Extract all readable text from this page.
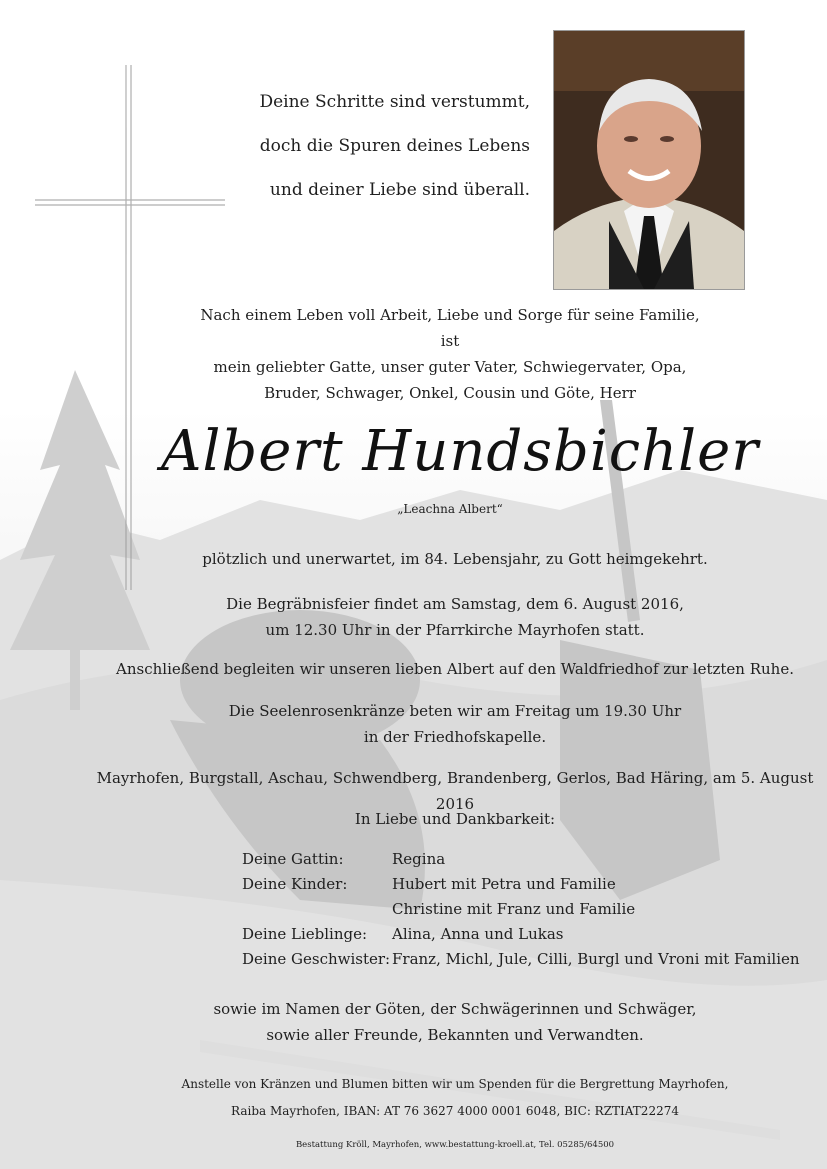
Deine Schritte sind verstummt,
doch die Spuren deines Lebens
und deiner Liebe sind überall.
Nach einem Leben voll Arbeit, Liebe und Sorge für seine Familie, ist
mein geliebter Gatte, unser guter Vater, Schwiegervater, Opa,
Bruder, Schwager, Onkel, Cousin und Göte, Herr
Albert Hundsbichler
„Leachna Albert“
plötzlich und unerwartet, im 84. Lebensjahr, zu Gott heimgekehrt.
Die Begräbnisfeier findet am Samstag, dem 6. August 2016,
um 12.30 Uhr in der Pfarrkirche Mayrhofen statt.
Anschließend begleiten wir unseren lieben Albert auf den Waldfriedhof zur letzten Ruhe.
Die Seelenrosenkränze beten wir am Freitag um 19.30 Uhr
in der Friedhofskapelle.
Mayrhofen, Burgstall, Aschau, Schwendberg, Brandenberg, Gerlos, Bad Häring, am 5. August 2016
In Liebe und Dankbarkeit:
Deine Gattin:	Regina
Deine Kinder:	Hubert mit Petra und Familie
Christine mit Franz und Familie
Deine Lieblinge:	Alina, Anna und Lukas
Deine Geschwister: Franz, Michl, Jule, Cilli, Burgl und Vroni mit Familien
sowie im Namen der Göten, der Schwägerinnen und Schwäger,
sowie aller Freunde, Bekannten und Verwandten.
Anstelle von Kränzen und Blumen bitten wir um Spenden für die Bergrettung Mayrhofen,
Raiba Mayrhofen, IBAN: AT 76 3627 4000 0001 6048, BIC: RZTIAT22274
Bestattung Kröll, Mayrhofen, www.bestattung-kroell.at, Tel. 05285/64500
